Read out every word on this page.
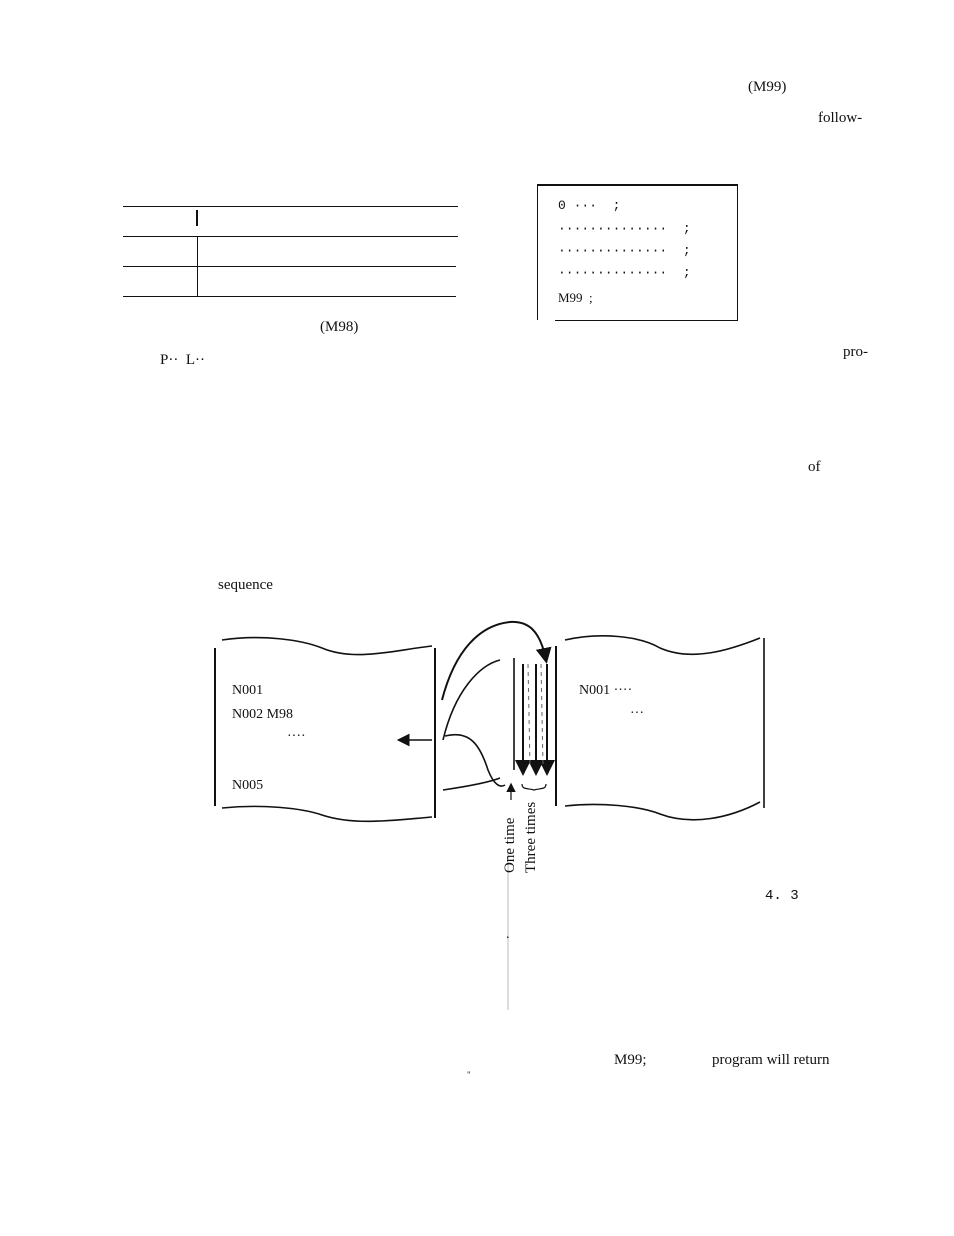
(M99)
follow-
(M98)
P··  L··
0 ···  ;
··············  ;
··············  ;
··············  ;
M99  ;
pro-
of
sequence
N001
N002 M98
····
N005
N001 ····
···
One time Three times
4. 3
.
M99;	program will return
"
